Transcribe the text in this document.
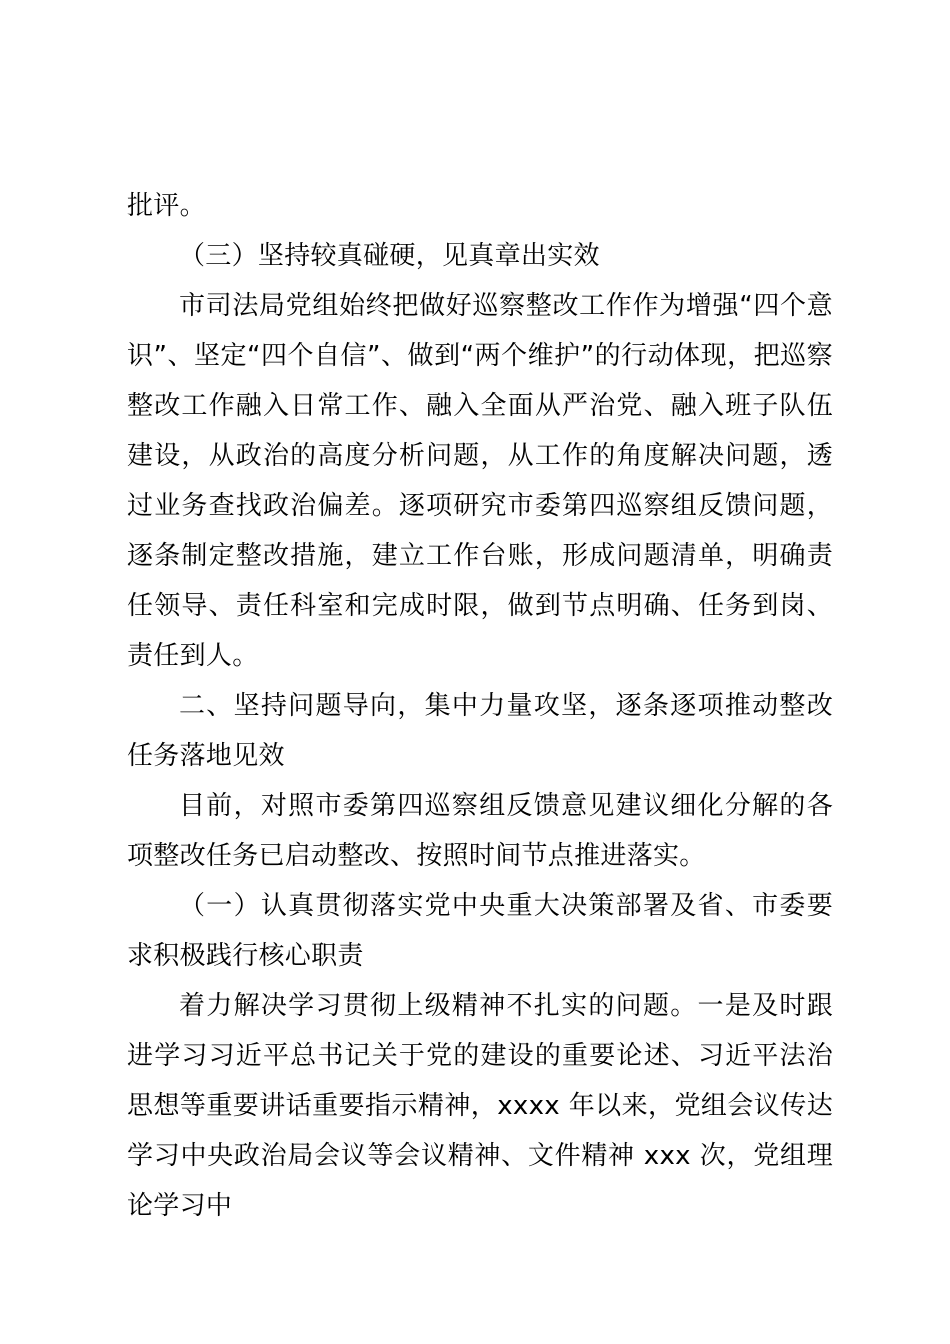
批评。

（三）坚持较真碰硬，见真章出实效

市司法局党组始终把做好巡察整改工作作为增强“四个意识”、坚定“四个自信”、做到“两个维护”的行动体现，把巡察整改工作融入日常工作、融入全面从严治党、融入班子队伍建设，从政治的高度分析问题，从工作的角度解决问题，透过业务查找政治偏差。逐项研究市委第四巡察组反馈问题，逐条制定整改措施，建立工作台账，形成问题清单，明确责任领导、责任科室和完成时限，做到节点明确、任务到岗、责任到人。

二、坚持问题导向，集中力量攻坚，逐条逐项推动整改任务落地见效

目前，对照市委第四巡察组反馈意见建议细化分解的各项整改任务已启动整改、按照时间节点推进落实。

（一）认真贯彻落实党中央重大决策部署及省、市委要求积极践行核心职责

着力解决学习贯彻上级精神不扎实的问题。一是及时跟进学习习近平总书记关于党的建设的重要论述、习近平法治思想等重要讲话重要指示精神，xxxx 年以来，党组会议传达学习中央政治局会议等会议精神、文件精神 xxx 次，党组理论学习中
